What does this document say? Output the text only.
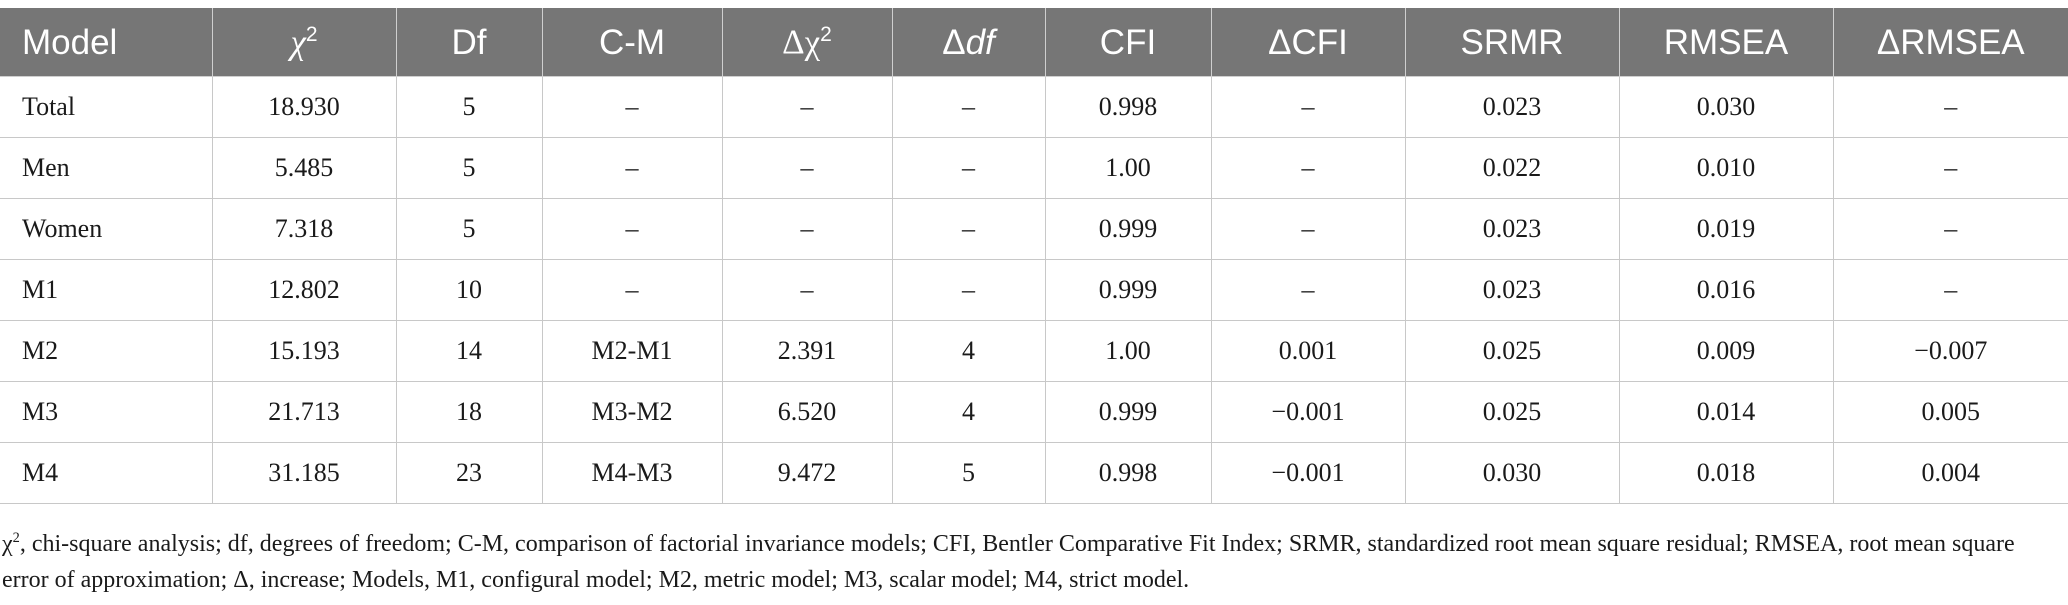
Model	$\chi^2$	Df	C-M	$\Delta\chi^2$	Δdf	CFI	ΔCFI	SRMR	RMSEA	ΔRMSEA
Total	18.930	5	–	–	–	0.998	–	0.023	0.030	–
Men	5.485	5	–	–	–	1.00	–	0.022	0.010	–
Women	7.318	5	–	–	–	0.999	–	0.023	0.019	–
M1	12.802	10	–	–	–	0.999	–	0.023	0.016	–
M2	15.193	14	M2-M1	2.391	4	1.00	0.001	0.025	0.009	−0.007
M3	21.713	18	M3-M2	6.520	4	0.999	−0.001	0.025	0.014	0.005
M4	31.185	23	M4-M3	9.472	5	0.998	−0.001	0.030	0.018	0.004
$\chi^2$, chi-square analysis; df, degrees of freedom; C-M, comparison of factorial invariance models; CFI, Bentler Comparative Fit Index; SRMR, standardized root mean square residual; RMSEA, root mean square error of approximation; Δ, increase; Models, M1, configural model; M2, metric model; M3, scalar model; M4, strict model.
